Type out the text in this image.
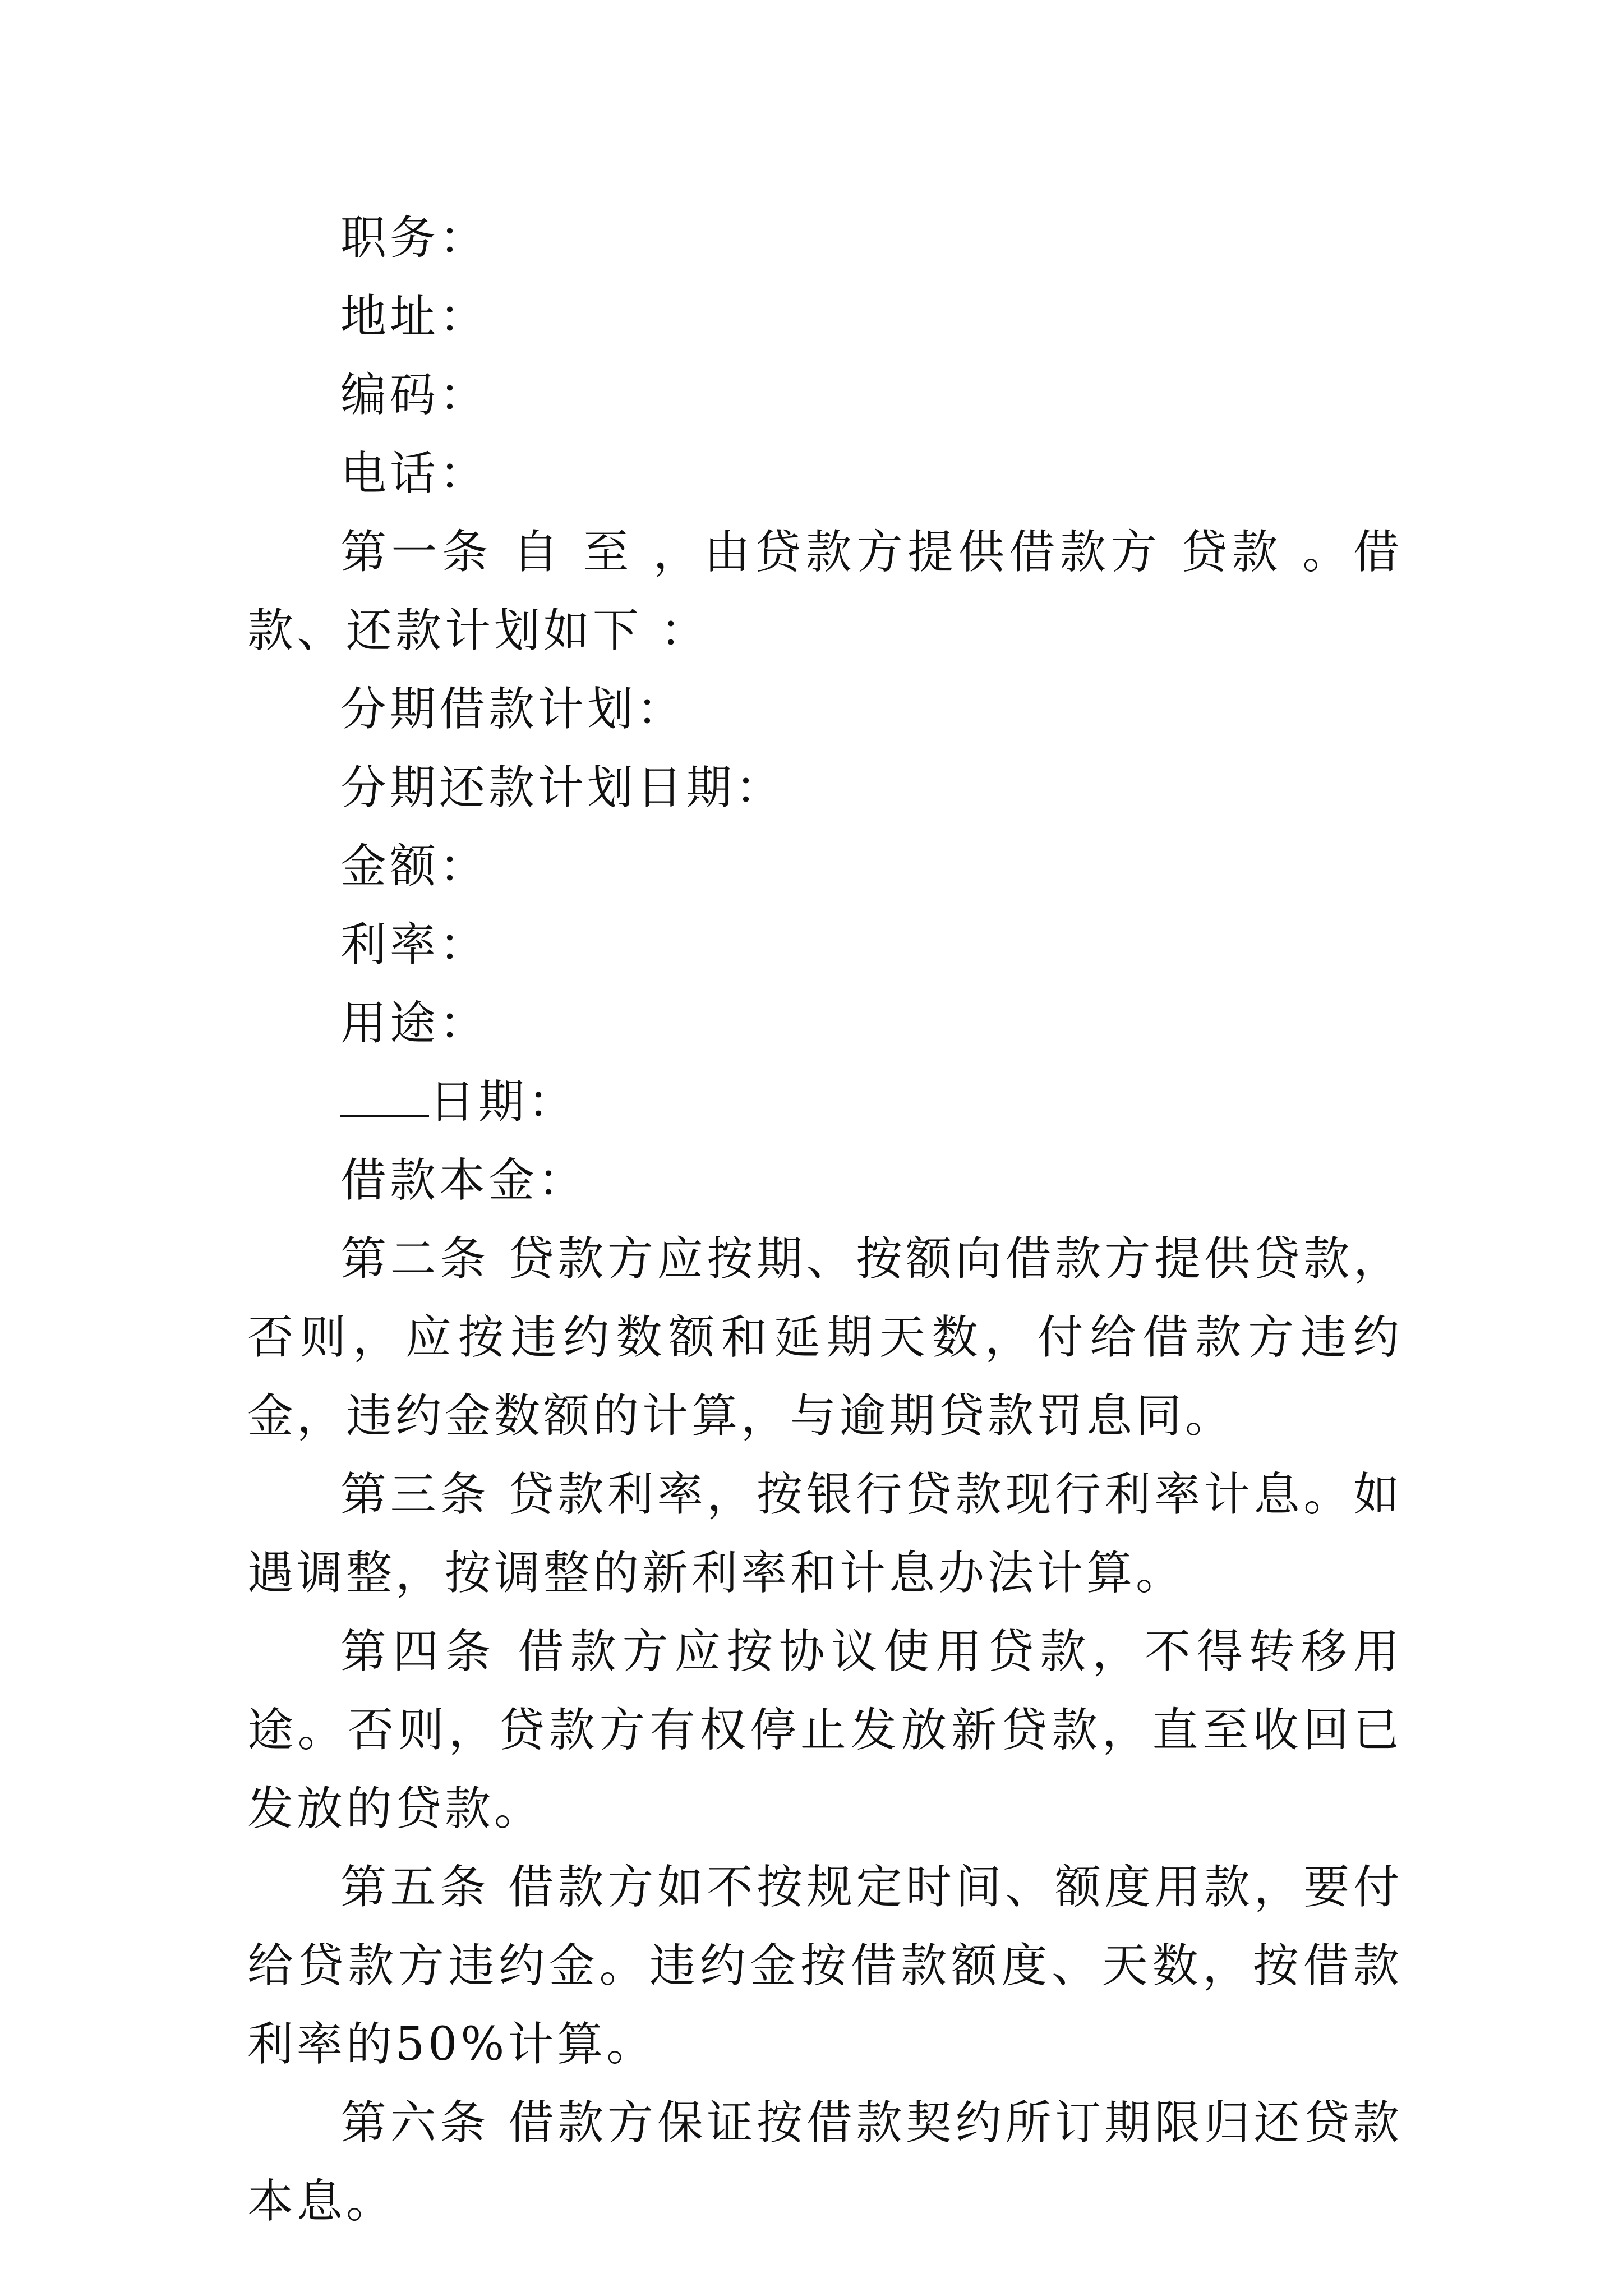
职务：

地址：

编码：

电话：

第一条 自 至 ，由贷款方提供借款方 贷款 。借款、还款计划如下 ：

分期借款计划：

分期还款计划日期：

金额：

利率：

用途：

日期：

借款本金：

第二条 贷款方应按期、按额向借款方提供贷款，否则，应按违约数额和延期天数，付给借款方违约金，违约金数额的计算，与逾期贷款罚息同。

第三条 贷款利率，按银行贷款现行利率计息。如遇调整，按调整的新利率和计息办法计算。

第四条 借款方应按协议使用贷款，不得转移用途。否则，贷款方有权停止发放新贷款，直至收回已发放的贷款。

第五条 借款方如不按规定时间、额度用款，要付给贷款方违约金。违约金按借款额度、天数，按借款利率的50%计算。

第六条 借款方保证按借款契约所订期限归还贷款本息。
